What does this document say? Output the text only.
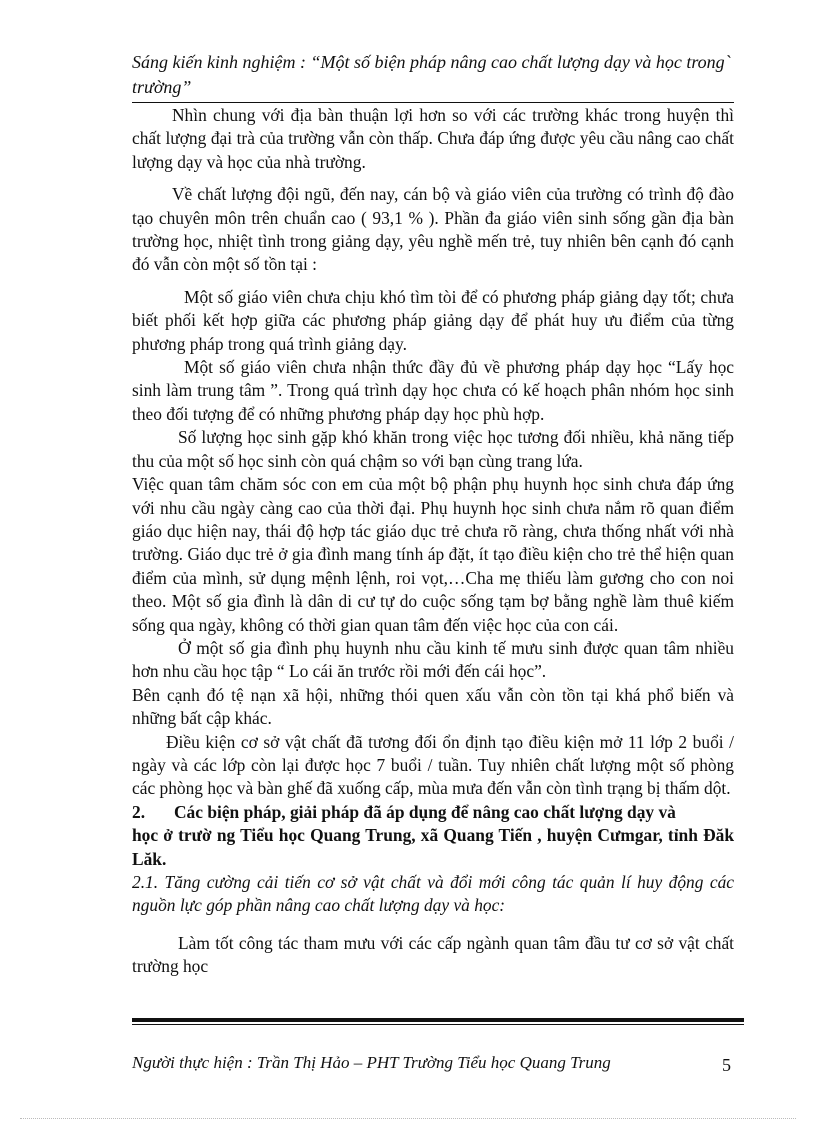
Sáng kiến kinh nghiệm : “Một số biện pháp nâng cao chất lượng dạy và học trong` trường”

Nhìn chung với địa bàn thuận lợi hơn so với các trường khác trong huyện thì chất lượng đại trà của trường vẫn còn thấp. Chưa đáp ứng được yêu cầu nâng cao chất lượng dạy và học của nhà trường.

Về chất lượng đội ngũ, đến nay, cán bộ và giáo viên của trường có trình độ đào tạo chuyên môn trên chuẩn cao ( 93,1 % ). Phần đa giáo viên sinh sống gần địa bàn trường học, nhiệt tình trong giảng dạy, yêu nghề mến trẻ, tuy nhiên bên cạnh đó cạnh đó vẫn còn một số tồn tại :

Một số giáo viên chưa chịu khó tìm tòi để có phương pháp giảng dạy tốt; chưa biết phối kết hợp giữa các phương pháp giảng dạy để phát huy ưu điểm của từng phương pháp trong quá trình giảng dạy.

Một số giáo viên chưa nhận thức đầy đủ về phương pháp dạy học “Lấy học sinh làm trung tâm ”. Trong quá trình dạy học chưa có kế hoạch phân nhóm học sinh theo đối tượng để có những phương pháp dạy học phù hợp.

Số lượng học sinh gặp khó khăn trong việc học tương đối nhiều, khả năng tiếp thu của một số học sinh còn quá chậm so với bạn cùng trang lứa.

Việc quan tâm chăm sóc con em của một bộ phận phụ huynh học sinh chưa đáp ứng với nhu cầu ngày càng cao của thời đại. Phụ huynh học sinh chưa nắm rõ quan điểm giáo dục hiện nay, thái độ hợp tác giáo dục trẻ chưa rõ ràng, chưa thống nhất với nhà trường. Giáo dục trẻ ở gia đình mang tính áp đặt, ít tạo điều kiện cho trẻ thể hiện quan điểm của mình, sử dụng mệnh lệnh, roi vọt,…Cha mẹ thiếu làm gương cho con noi theo. Một số gia đình là dân di cư tự do cuộc sống tạm bợ bằng nghề làm thuê kiếm sống qua ngày, không có thời gian quan tâm đến việc học của con cái.

Ở một số gia đình phụ huynh nhu cầu kinh tế mưu sinh được quan tâm nhiều hơn nhu cầu học tập “ Lo cái ăn trước rồi mới đến cái học”.

Bên cạnh đó tệ nạn xã hội, những thói quen xấu vẫn còn tồn tại khá phổ biến và những bất cập khác.

Điều kiện cơ sở vật chất đã tương đối ổn định tạo điều kiện mở 11 lớp 2 buổi / ngày và các lớp còn lại được học 7 buổi / tuần. Tuy nhiên chất lượng một số phòng các phòng học và bàn ghế đã xuống cấp, mùa mưa đến vẫn còn tình trạng bị thấm dột.

2.	Các biện pháp, giải pháp đã áp dụng để nâng cao chất lượng dạy và

học ở trườ ng Tiểu học Quang Trung, xã Quang Tiến , huyện Cưmgar, tỉnh Đăk Lăk.

2.1. Tăng cường cải tiến cơ sở vật chất và đổi mới công tác quản lí huy động các nguồn lực góp phần nâng cao chất lượng dạy và học:

Làm tốt công tác tham mưu với các cấp ngành quan tâm đầu tư cơ sở vật chất trường học

Người thực hiện : Trần Thị Hảo – PHT Trường Tiểu học Quang Trung	5
